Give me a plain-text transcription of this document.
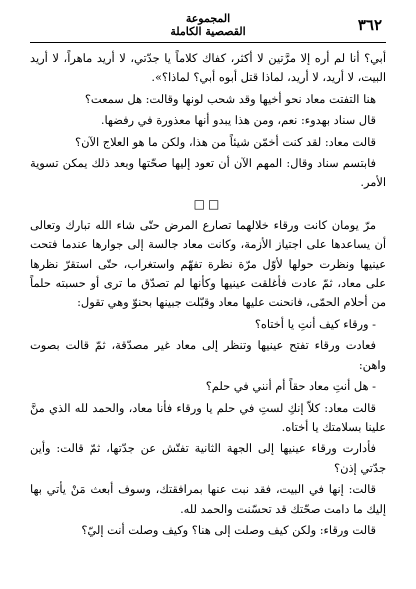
٣٦٢
المجموعة
القصصية الكاملة

أبي؟ أنا لم أره إلا مرَّتين لا أكثر، كفاك كلاماً يا جدّتي، لا أريد ماهراً، لا أريد البيت، لا أريد، لا أريد، لماذا قتل أبوه أبي؟ لماذا؟».

هنا التفتت معاد نحو أخيها وقد شحب لونها وقالت: هل سمعت؟

قال سناد بهدوء: نعم، ومن هذا يبدو أنها معذورة في رفضها.

قالت معاد: لقد كنت أخمّن شيئاً من هذا، ولكن ما هو العلاج الآن؟

فابتسم سناد وقال: المهم الآن أن تعود إليها صحّتها وبعد ذلك يمكن تسوية الأمر.

□□

مرّ يومان كانت ورقاء خلالهما تصارع المرض حتّى شاء الله تبارك وتعالى أن يساعدها على اجتياز الأزمة، وكانت معاد جالسة إلى جوارها عندما فتحت عينيها ونظرت حولها لأوّل مرّة نظرة تفهّم واستغراب، حتّى استقرّ نظرها على معاد، ثمّ عادت فأغلقت عينيها وكأنها لم تصدّق ما ترى أو حسبته حلماً من أحلام الحمّى، فانحنت عليها معاد وقبّلت جبينها بحنوّ وهي تقول:

- ورقاء كيف أنتِ يا أختاه؟

فعادت ورقاء تفتح عينيها وتنظر إلى معاد غير مصدّقة، ثمّ قالت بصوت واهن:

- هل أنتِ معاد حقاً أم أنني في حلم؟

قالت معاد: كلاّ إنكِ لستِ في حلم يا ورقاء فأنا معاد، والحمد لله الذي منَّ علينا بسلامتك يا أختاه.

فأدارت ورقاء عينيها إلى الجهة الثانية تفتّش عن جدّتها، ثمّ قالت: وأين جدّتي إذن؟

قالت: إنها في البيت، فقد نبت عنها بمرافقتك، وسوف أبعث مَنْ يأتي بها إليك ما دامت صحّتك قد تحسّنت والحمد لله.

قالت ورقاء: ولكن كيف وصلت إلى هنا؟ وكيف وصلت أنت إليّ؟
